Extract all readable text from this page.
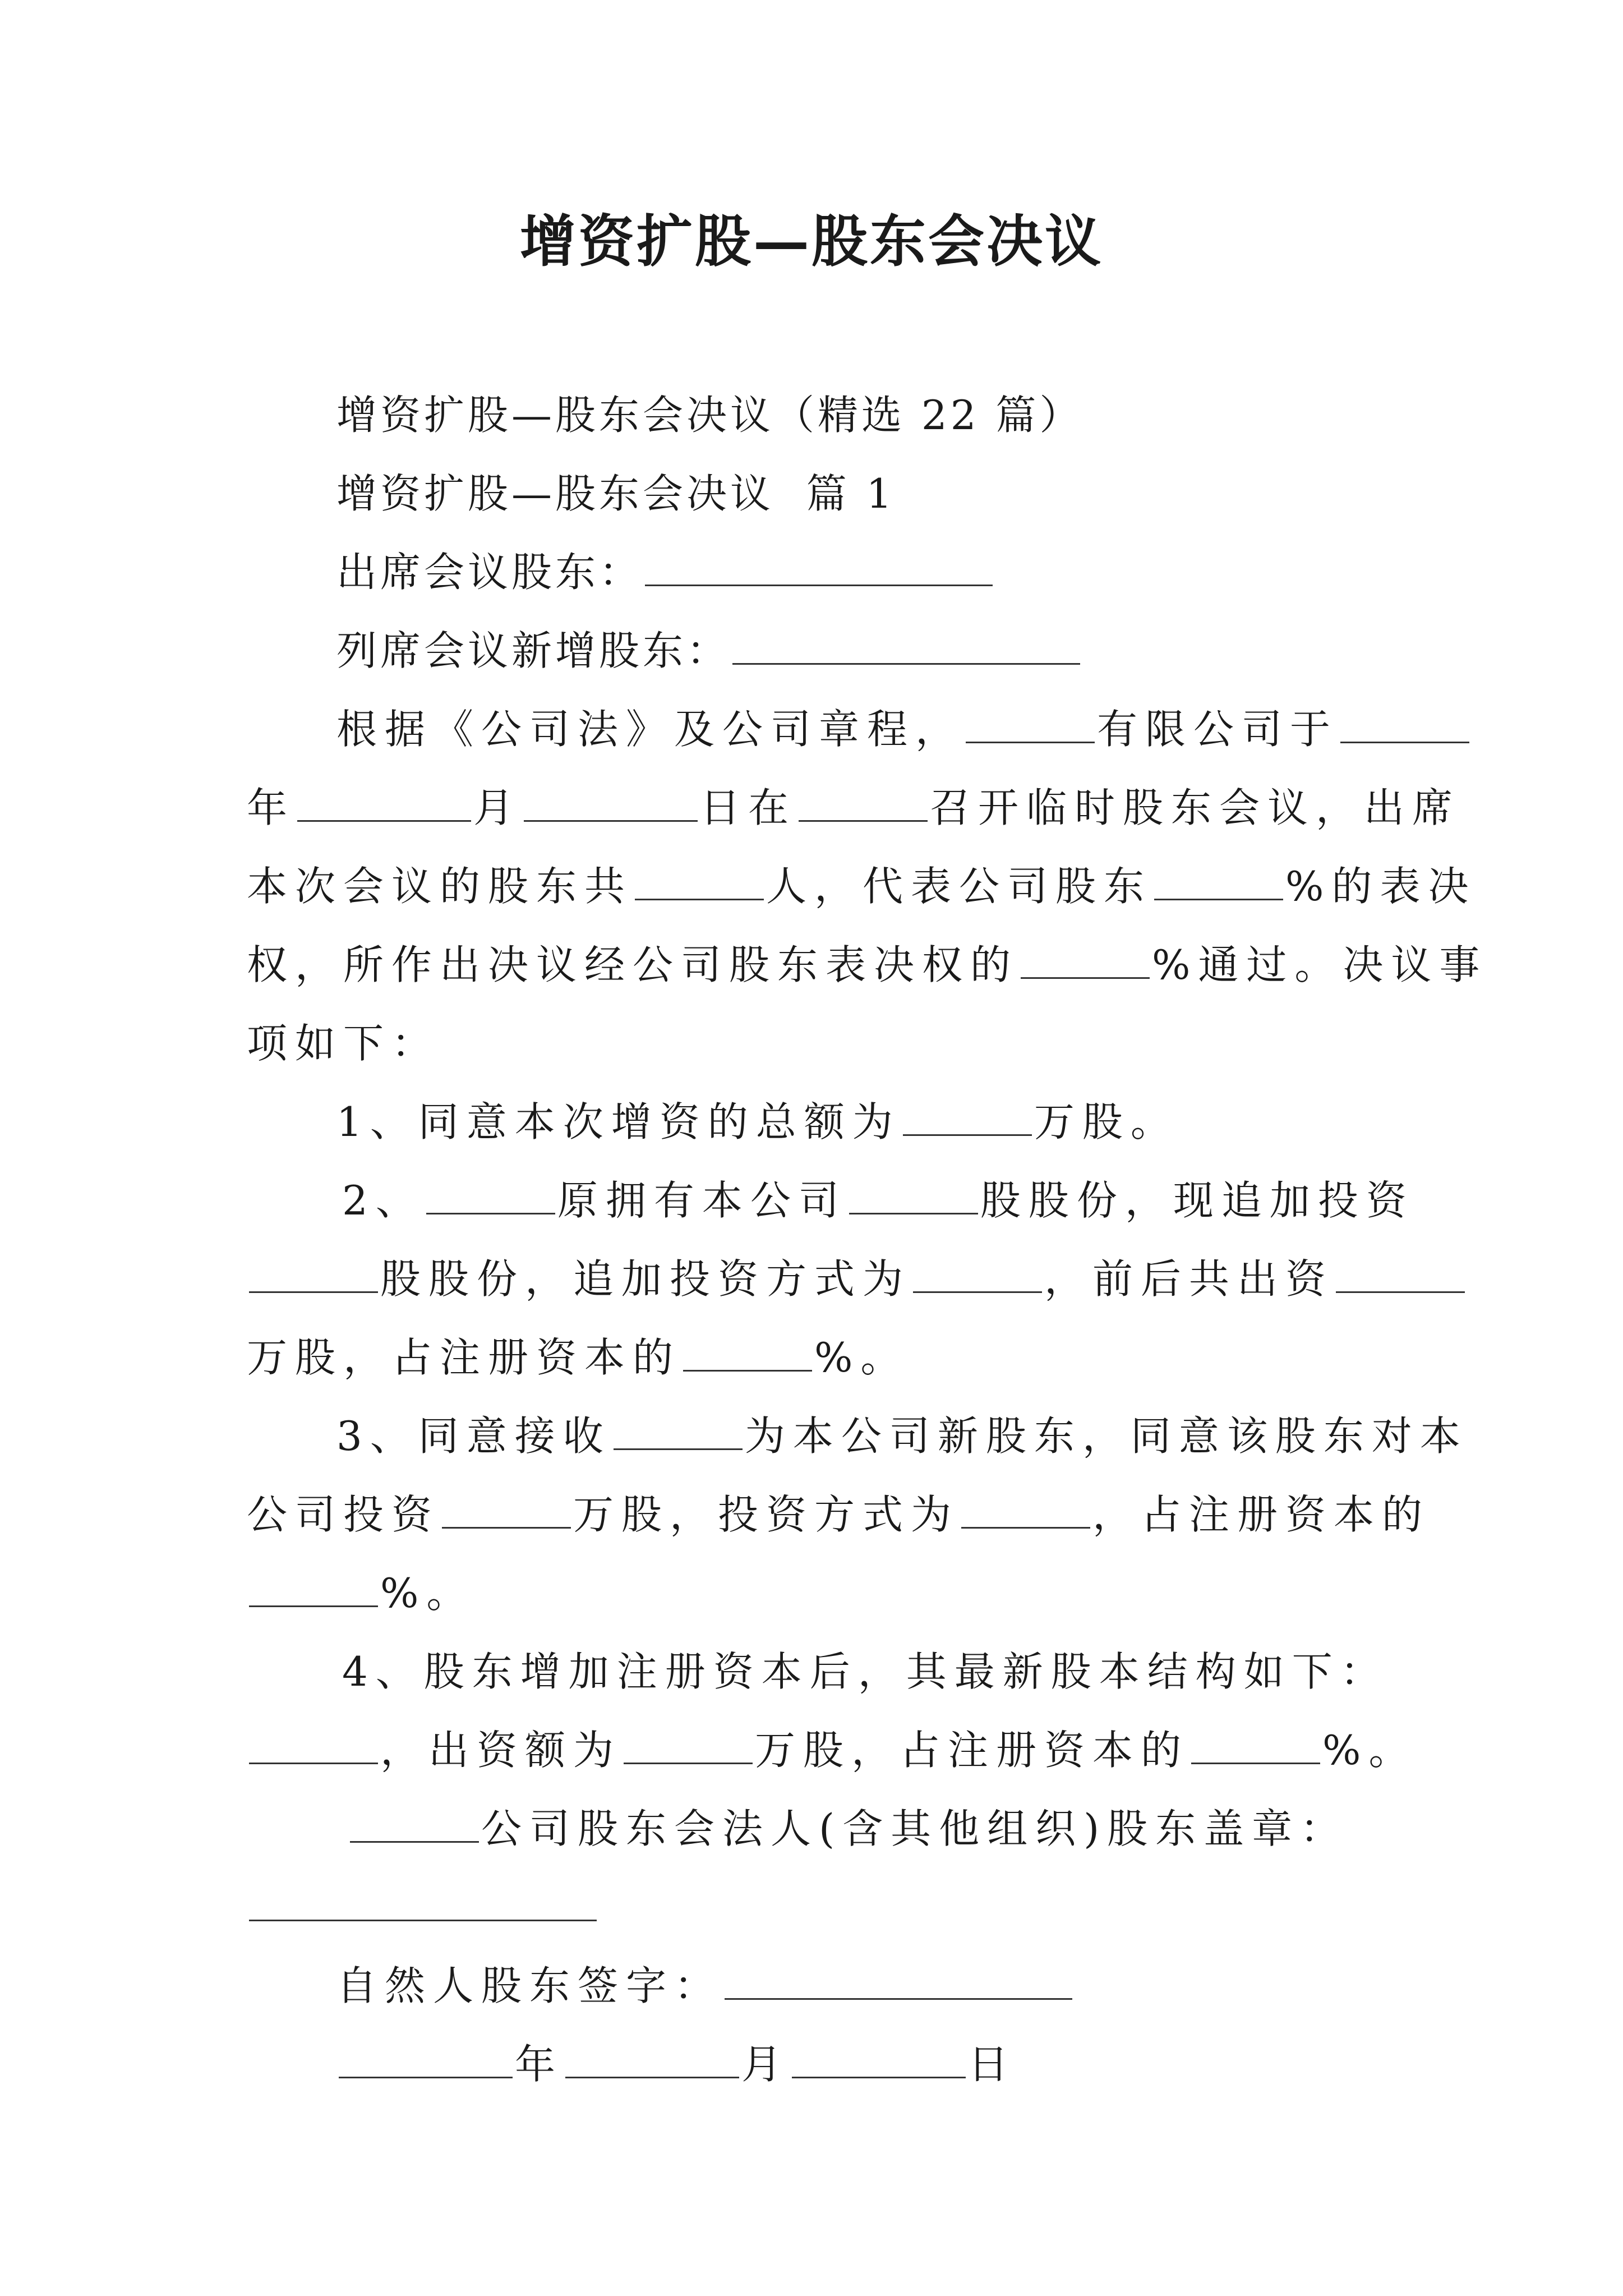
增资扩股—股东会决议
增资扩股—股东会决议（精选 22 篇）
增资扩股—股东会决议  篇 1
出席会议股东：
列席会议新增股东：
根据《公司法》及公司章程，	有限公司于
年	月	日在	召开临时股东会议，出席
本次会议的股东共	人，代表公司股东	%的表决
权，所作出决议经公司股东表决权的	%通过。决议事
项如下：
1、同意本次增资的总额为	万股。
2、	原拥有本公司	股股份，现追加投资
股股份，追加投资方式为	，前后共出资
万股，占注册资本的	%。
3、同意接收	为本公司新股东，同意该股东对本
公司投资	万股，投资方式为	，占注册资本的
%。
4、股东增加注册资本后，其最新股本结构如下：
，出资额为	万股，占注册资本的	%。
公司股东会法人(含其他组织)股东盖章：
自然人股东签字：
年	月	日
